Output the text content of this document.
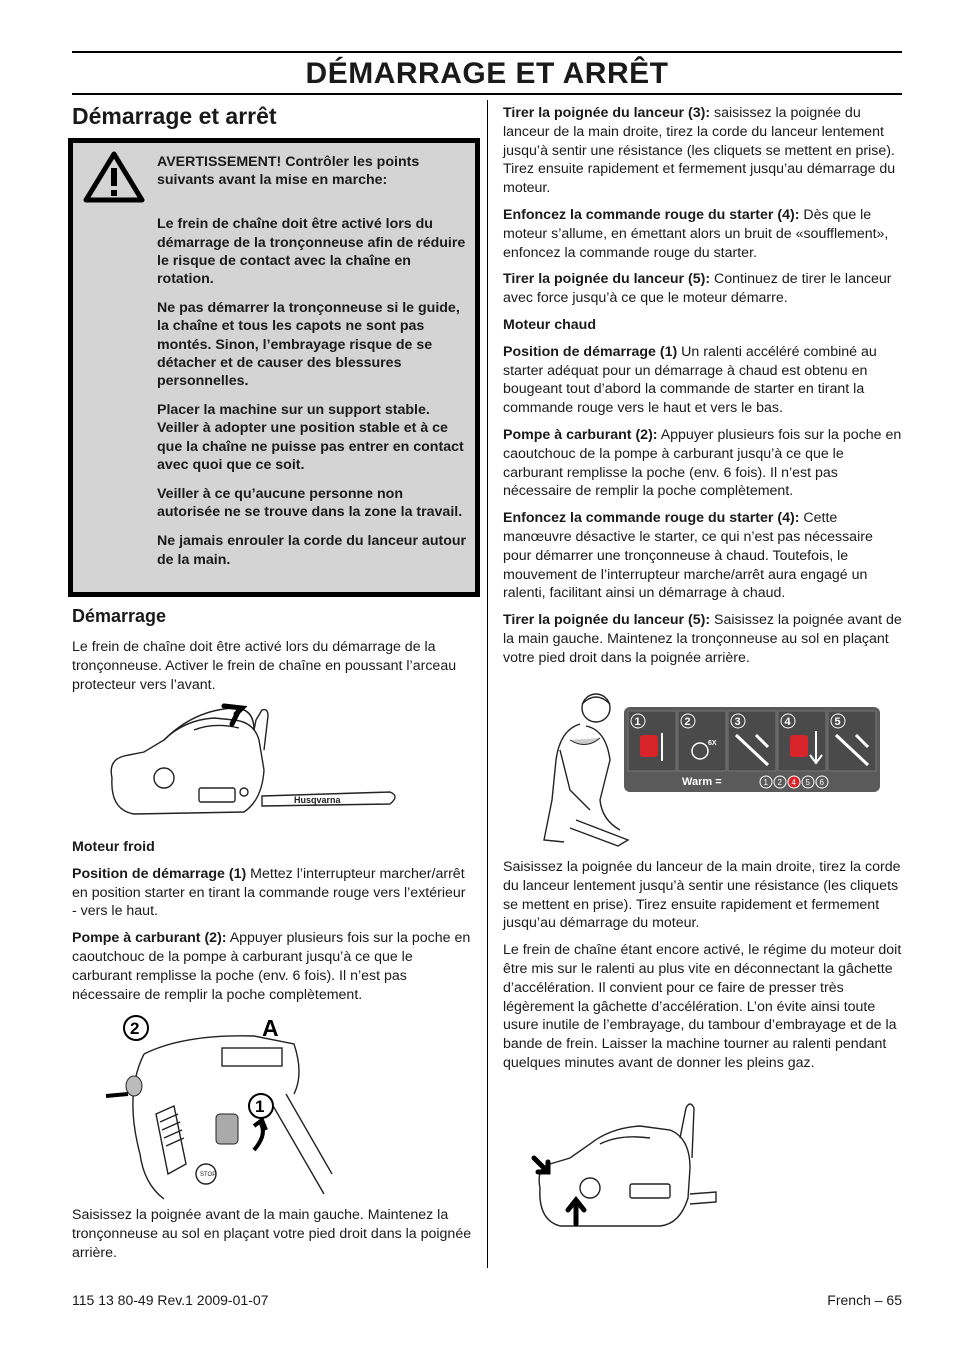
DÉMARRAGE ET ARRÊT
Démarrage et arrêt

AVERTISSEMENT! Contrôler les points suivants avant la mise en marche:

Le frein de chaîne doit être activé lors du démarrage de la tronçonneuse afin de réduire le risque de contact avec la chaîne en rotation.

Ne pas démarrer la tronçonneuse si le guide, la chaîne et tous les capots ne sont pas montés. Sinon, l’embrayage risque de se détacher et de causer des blessures personnelles.

Placer la machine sur un support stable. Veiller à adopter une position stable et à ce que la chaîne ne puisse pas entrer en contact avec quoi que ce soit.

Veiller à ce qu’aucune personne non autorisée ne se trouve dans la zone la travail.

Ne jamais enrouler la corde du lanceur autour de la main.

Démarrage

Le frein de chaîne doit être activé lors du démarrage de la tronçonneuse. Activer le frein de chaîne en poussant l’arceau protecteur vers l’avant.

Husqvarna

Moteur froid

Position de démarrage (1) Mettez l’interrupteur marcher/arrêt en position starter en tirant la commande rouge vers l’extérieur - vers le haut.

Pompe à carburant (2): Appuyer plusieurs fois sur la poche en caoutchouc de la pompe à carburant jusqu’à ce que le carburant remplisse la poche (env. 6 fois). Il n’est pas nécessaire de remplir la poche complètement.

STOP
2
1
A

Saisissez la poignée avant de la main gauche. Maintenez la tronçonneuse au sol en plaçant votre pied droit dans la poignée arrière.

Tirer la poignée du lanceur (3): saisissez la poignée du lanceur de la main droite, tirez la corde du lanceur lentement jusqu’à sentir une résistance (les cliquets se mettent en prise). Tirez ensuite rapidement et fermement jusqu’au démarrage du moteur.

Enfoncez la commande rouge du starter (4): Dès que le moteur s’allume, en émettant alors un bruit de «soufflement», enfoncez la commande rouge du starter.

Tirer la poignée du lanceur (5): Continuez de tirer le lanceur avec force jusqu’à ce que le moteur démarre.

Moteur chaud

Position de démarrage (1) Un ralenti accéléré combiné au starter adéquat pour un démarrage à chaud est obtenu en bougeant tout d’abord la commande de starter en tirant la commande rouge vers le haut et vers le bas.

Pompe à carburant (2): Appuyer plusieurs fois sur la poche en caoutchouc de la pompe à carburant jusqu’à ce que le carburant remplisse la poche (env. 6 fois). Il n’est pas nécessaire de remplir la poche complètement.

Enfoncez la commande rouge du starter (4): Cette manœuvre désactive le starter, ce qui n’est pas nécessaire pour démarrer une tronçonneuse à chaud. Toutefois, le mouvement de l’interrupteur marche/arrêt aura engagé un ralenti, facilitant ainsi un démarrage à chaud.

Tirer la poignée du lanceur (5): Saisissez la poignée avant de la main gauche. Maintenez la tronçonneuse au sol en plaçant votre pied droit dans la poignée arrière.

1	2	3	4	5
6X
Warm =	1 2 4 5 6

Saisissez la poignée du lanceur de la main droite, tirez la corde du lanceur lentement jusqu’à sentir une résistance (les cliquets se mettent en prise). Tirez ensuite rapidement et fermement jusqu’au démarrage du moteur.

Le frein de chaîne étant encore activé, le régime du moteur doit être mis sur le ralenti au plus vite en déconnectant la gâchette d’accélération. Il convient pour ce faire de presser très légèrement la gâchette d’accélération. L’on évite ainsi toute usure inutile de l’embrayage, du tambour d’embrayage et de la bande de frein. Laisser la machine tourner au ralenti pendant quelques minutes avant de donner les pleins gaz.

115 13 80-49 Rev.1 2009-01-07	French – 65
